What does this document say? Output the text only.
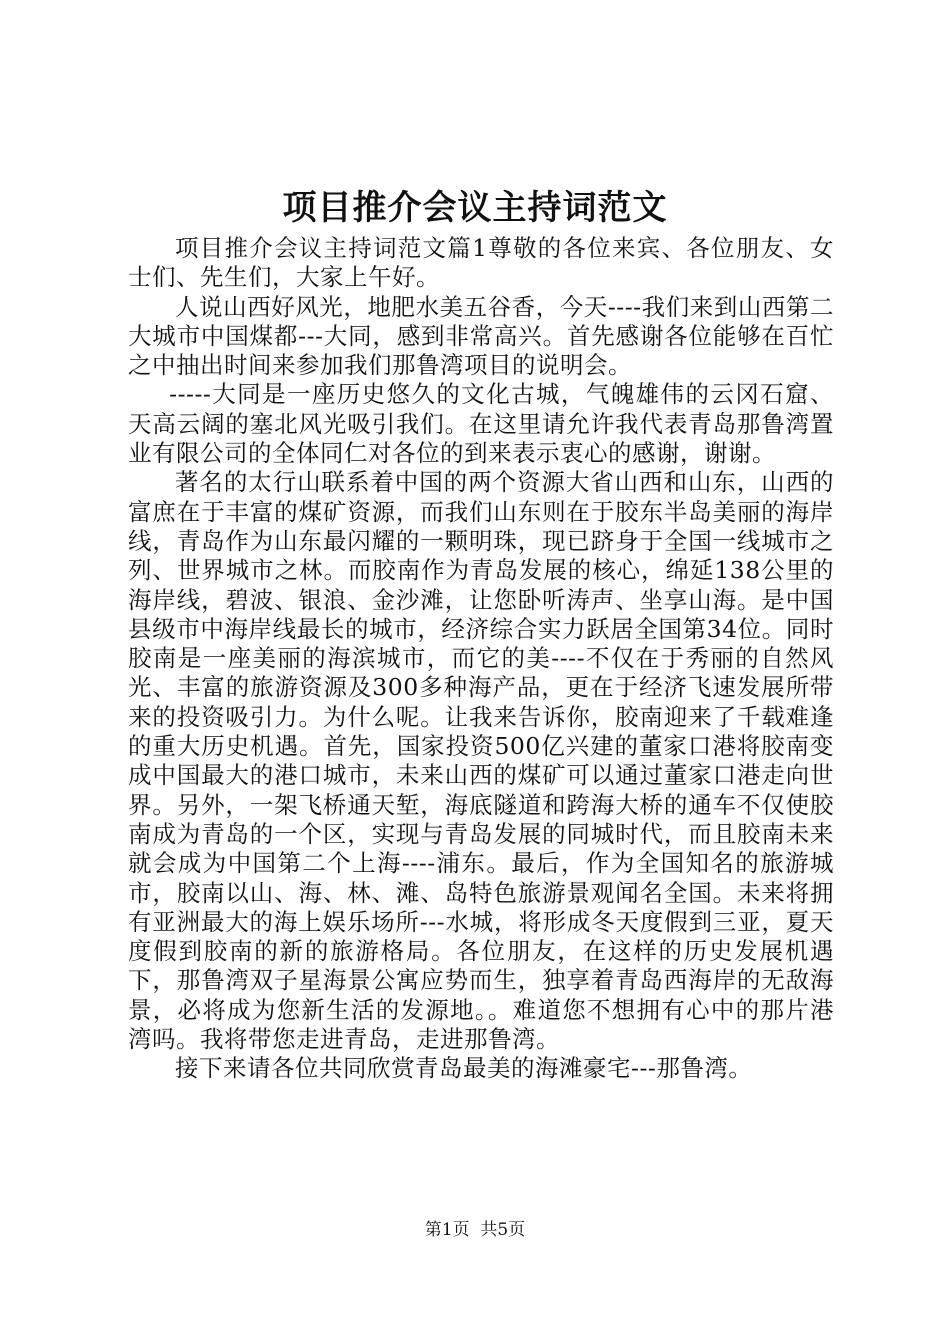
项目推介会议主持词范文

项目推介会议主持词范文篇1尊敬的各位来宾、各位朋友、女士们、先生们，大家上午好。

人说山西好风光，地肥水美五谷香，今天----我们来到山西第二大城市中国煤都---大同，感到非常高兴。首先感谢各位能够在百忙之中抽出时间来参加我们那鲁湾项目的说明会。

-----大同是一座历史悠久的文化古城，气魄雄伟的云冈石窟、天高云阔的塞北风光吸引我们。在这里请允许我代表青岛那鲁湾置业有限公司的全体同仁对各位的到来表示衷心的感谢，谢谢。

著名的太行山联系着中国的两个资源大省山西和山东，山西的富庶在于丰富的煤矿资源，而我们山东则在于胶东半岛美丽的海岸线，青岛作为山东最闪耀的一颗明珠，现已跻身于全国一线城市之列、世界城市之林。而胶南作为青岛发展的核心，绵延138公里的海岸线，碧波、银浪、金沙滩，让您卧听涛声、坐享山海。是中国县级市中海岸线最长的城市，经济综合实力跃居全国第34位。同时胶南是一座美丽的海滨城市，而它的美----不仅在于秀丽的自然风光、丰富的旅游资源及300多种海产品，更在于经济飞速发展所带来的投资吸引力。为什么呢。让我来告诉你，胶南迎来了千载难逢的重大历史机遇。首先，国家投资500亿兴建的董家口港将胶南变成中国最大的港口城市，未来山西的煤矿可以通过董家口港走向世界。另外，一架飞桥通天堑，海底隧道和跨海大桥的通车不仅使胶南成为青岛的一个区，实现与青岛发展的同城时代，而且胶南未来就会成为中国第二个上海----浦东。最后，作为全国知名的旅游城市，胶南以山、海、林、滩、岛特色旅游景观闻名全国。未来将拥有亚洲最大的海上娱乐场所---水城，将形成冬天度假到三亚，夏天度假到胶南的新的旅游格局。各位朋友，在这样的历史发展机遇下，那鲁湾双子星海景公寓应势而生，独享着青岛西海岸的无敌海景，必将成为您新生活的发源地。。难道您不想拥有心中的那片港湾吗。我将带您走进青岛，走进那鲁湾。

接下来请各位共同欣赏青岛最美的海滩豪宅---那鲁湾。

第1页 共5页
